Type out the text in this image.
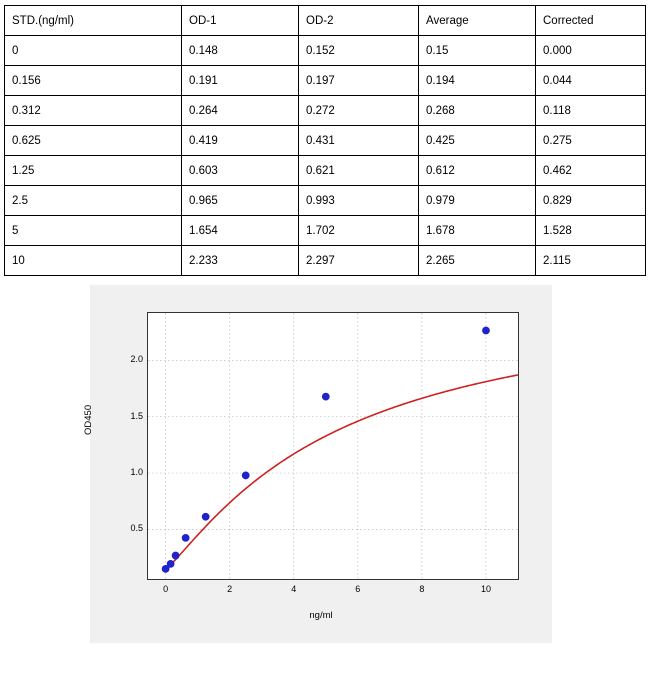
STD.(ng/ml)	OD-1	OD-2	Average	Corrected
0	0.148	0.152	0.15	0.000
0.156	0.191	0.197	0.194	0.044
0.312	0.264	0.272	0.268	0.118
0.625	0.419	0.431	0.425	0.275
1.25	0.603	0.621	0.612	0.462
2.5	0.965	0.993	0.979	0.829
5	1.654	1.702	1.678	1.528
10	2.233	2.297	2.265	2.115
OD450
ng/ml
0.5
1.0
1.5
2.0
0	2	4	6	8	10
